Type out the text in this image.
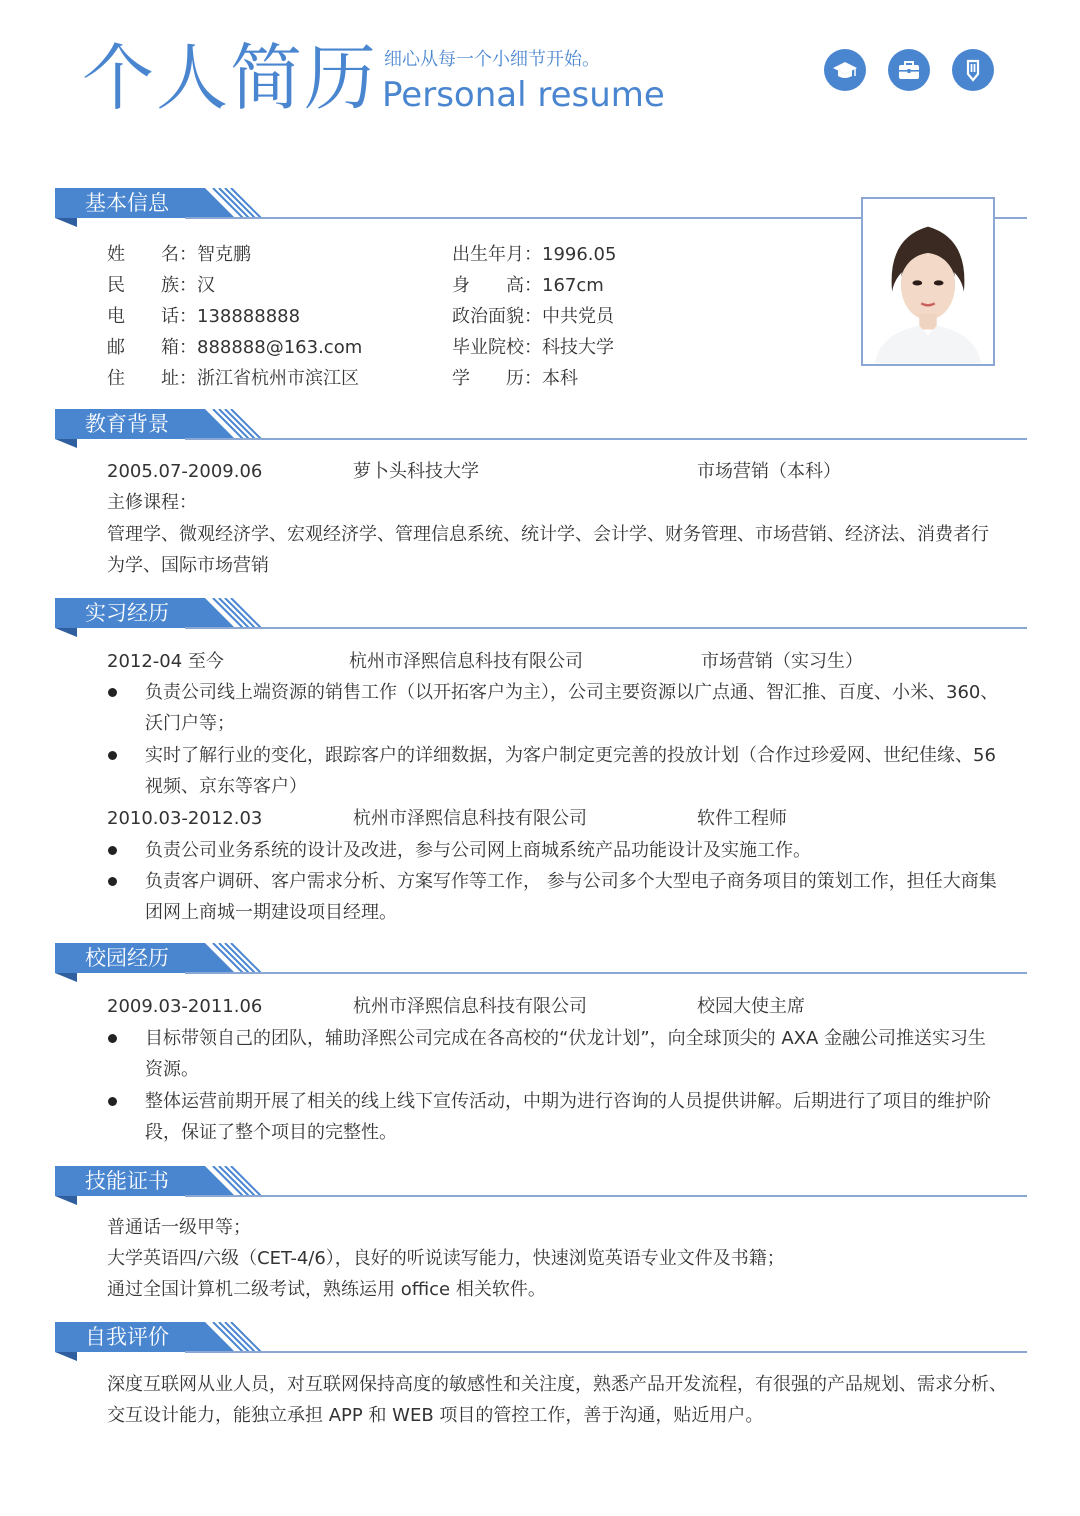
个人简历 细心从每一个小细节开始。
Personal resume
基本信息
姓　　名：智克鹏
民　　族：汉
电　　话：138888888
邮　　箱：888888@163.com
住　　址：浙江省杭州市滨江区
出生年月：1996.05
身　　高：167cm
政治面貌：中共党员
毕业院校：科技大学
学　　历：本科
教育背景
2005.07-2009.06	萝卜头科技大学	市场营销（本科）
主修课程：
管理学、微观经济学、宏观经济学、管理信息系统、统计学、会计学、财务管理、市场营销、经济法、消费者行
为学、国际市场营销
实习经历
2012-04 至今	杭州市泽熙信息科技有限公司	市场营销（实习生）
负责公司线上端资源的销售工作（以开拓客户为主），公司主要资源以广点通、智汇推、百度、小米、360、
沃门户等；
实时了解行业的变化，跟踪客户的详细数据，为客户制定更完善的投放计划（合作过珍爱网、世纪佳缘、56
视频、京东等客户）
2010.03-2012.03	杭州市泽熙信息科技有限公司	软件工程师
负责公司业务系统的设计及改进，参与公司网上商城系统产品功能设计及实施工作。
负责客户调研、客户需求分析、方案写作等工作， 参与公司多个大型电子商务项目的策划工作，担任大商集
团网上商城一期建设项目经理。
校园经历
2009.03-2011.06	杭州市泽熙信息科技有限公司	校园大使主席
目标带领自己的团队，辅助泽熙公司完成在各高校的“伏龙计划”，向全球顶尖的 AXA 金融公司推送实习生
资源。
整体运营前期开展了相关的线上线下宣传活动，中期为进行咨询的人员提供讲解。后期进行了项目的维护阶
段，保证了整个项目的完整性。
技能证书
普通话一级甲等；
大学英语四/六级（CET-4/6），良好的听说读写能力，快速浏览英语专业文件及书籍；
通过全国计算机二级考试，熟练运用 office 相关软件。
自我评价
深度互联网从业人员，对互联网保持高度的敏感性和关注度，熟悉产品开发流程，有很强的产品规划、需求分析、
交互设计能力，能独立承担 APP 和 WEB 项目的管控工作，善于沟通，贴近用户。
